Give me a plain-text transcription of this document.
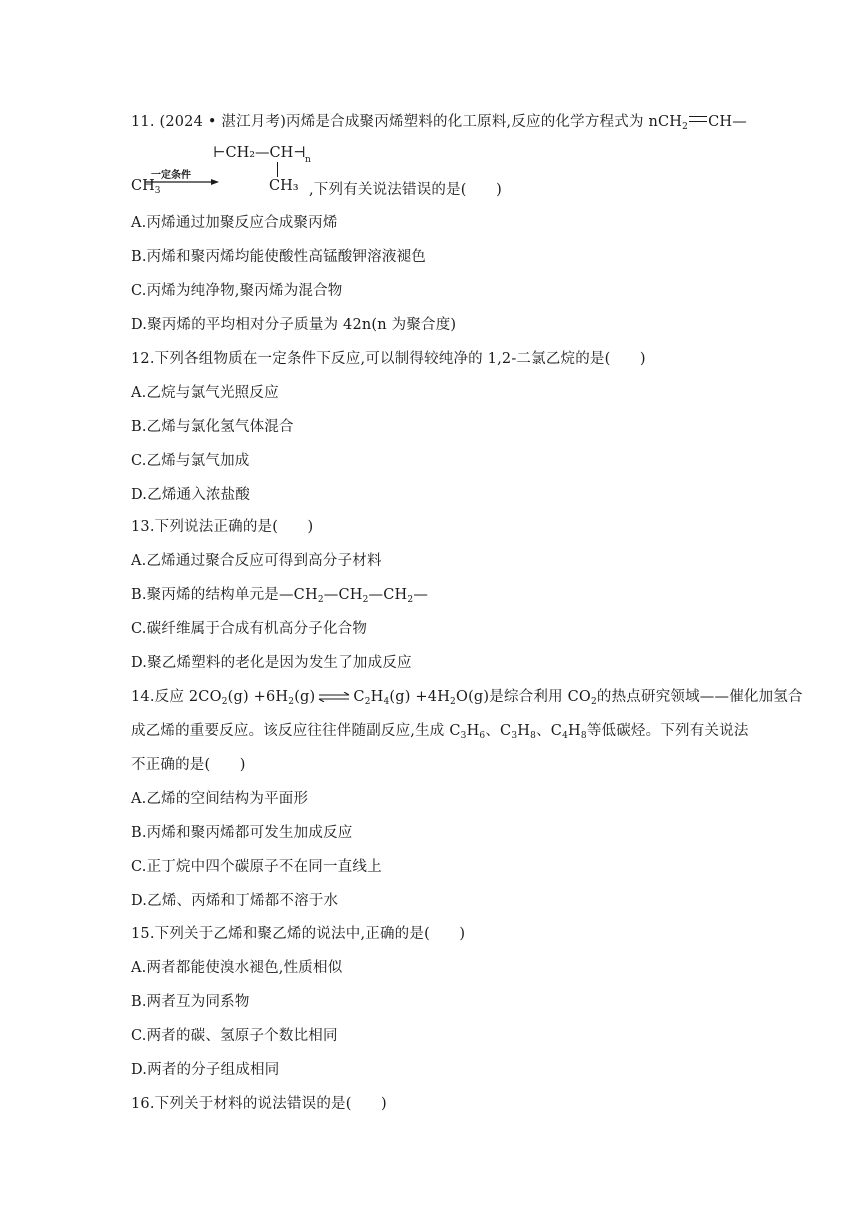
11. (2024 • 湛江月考)丙烯是合成聚丙烯塑料的化工原料,反应的化学方程式为 nCH$_2$ CH—
⊢CH₂—CH⊣ n
一定条件
$CH_3$	CH₃ ,下列有关说法错误的是(　　)
A.丙烯通过加聚反应合成聚丙烯
B.丙烯和聚丙烯均能使酸性高锰酸钾溶液褪色
C.丙烯为纯净物,聚丙烯为混合物
D.聚丙烯的平均相对分子质量为 42n(n 为聚合度)
12.下列各组物质在一定条件下反应,可以制得较纯净的 1,2-二氯乙烷的是(　　)
A.乙烷与氯气光照反应
B.乙烯与氯化氢气体混合
C.乙烯与氯气加成
D.乙烯通入浓盐酸
13.下列说法正确的是(　　)
A.乙烯通过聚合反应可得到高分子材料
B.聚丙烯的结构单元是$—CH_2—CH_2—CH_2—$
C.碳纤维属于合成有机高分子化合物
D.聚乙烯塑料的老化是因为发生了加成反应
14.反应 $2CO_2(g) +6H_2(g)$ ⇌ $C_2H_4(g) +4H_2O(g)$是综合利用 $CO_2$的热点研究领域——催化加氢合
成乙烯的重要反应。该反应往往伴随副反应,生成 $C_3H_6$、$C_3H_8$、$C_4H_8$等低碳烃。下列有关说法
不正确的是(　　)
A.乙烯的空间结构为平面形
B.丙烯和聚丙烯都可发生加成反应
C.正丁烷中四个碳原子不在同一直线上
D.乙烯、丙烯和丁烯都不溶于水
15.下列关于乙烯和聚乙烯的说法中,正确的是(　　)
A.两者都能使溴水褪色,性质相似
B.两者互为同系物
C.两者的碳、氢原子个数比相同
D.两者的分子组成相同
16.下列关于材料的说法错误的是(　　)
